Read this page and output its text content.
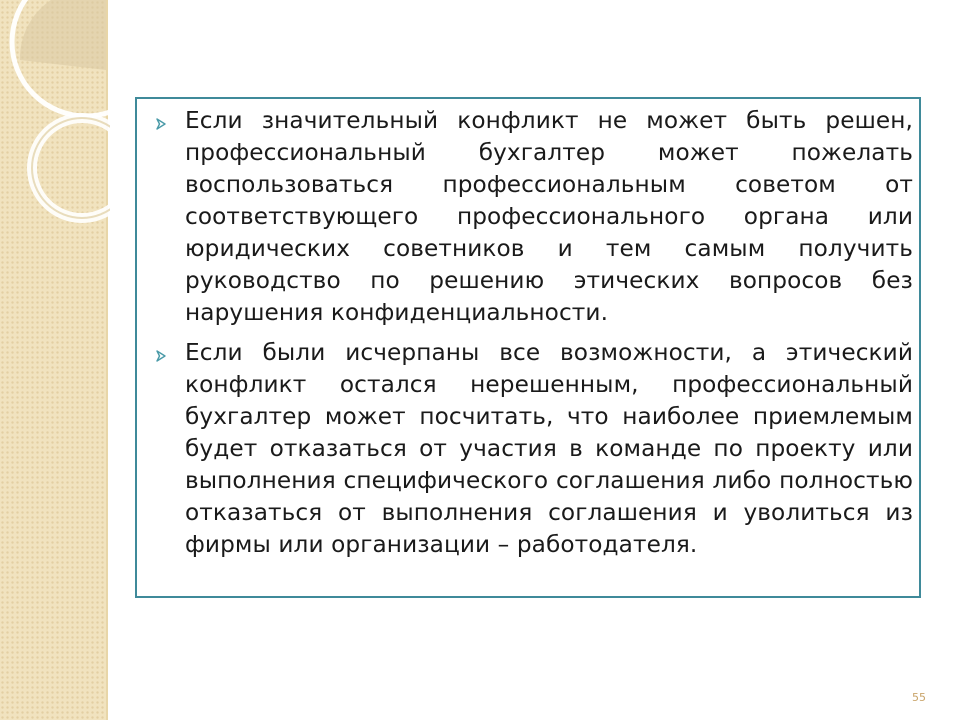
Если значительный конфликт не может быть решен, профессиональный бухгалтер может пожелать воспользоваться профессиональным советом от соответствующего профессионального органа или юридических советников и тем самым получить руководство по решению этических вопросов без нарушения конфиденциальности.
Если были исчерпаны все возможности, а этический конфликт остался нерешенным, профессиональный бухгалтер может посчитать, что наиболее приемлемым будет отказаться от участия в команде по проекту или выполнения специфического соглашения либо полностью отказаться от выполнения соглашения и уволиться из фирмы или организации – работодателя.
55
